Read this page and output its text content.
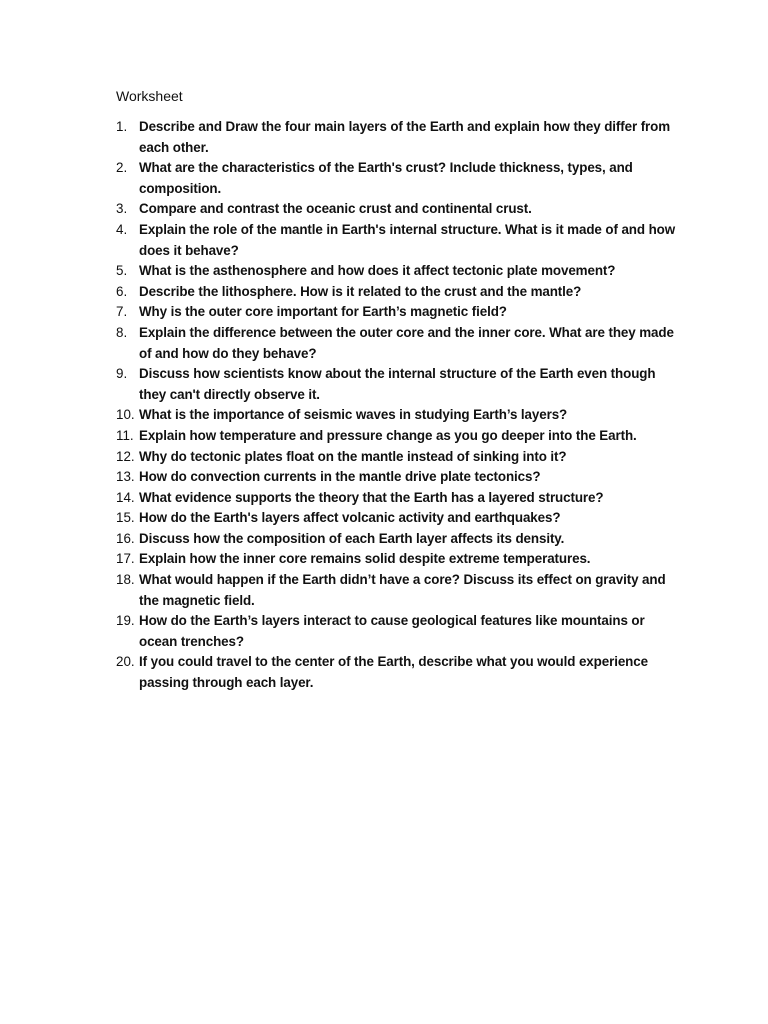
Worksheet
1. Describe and Draw the four main layers of the Earth and explain how they differ from each other.
2. What are the characteristics of the Earth's crust? Include thickness, types, and composition.
3. Compare and contrast the oceanic crust and continental crust.
4. Explain the role of the mantle in Earth's internal structure. What is it made of and how does it behave?
5. What is the asthenosphere and how does it affect tectonic plate movement?
6. Describe the lithosphere. How is it related to the crust and the mantle?
7. Why is the outer core important for Earth’s magnetic field?
8. Explain the difference between the outer core and the inner core. What are they made of and how do they behave?
9. Discuss how scientists know about the internal structure of the Earth even though they can't directly observe it.
10. What is the importance of seismic waves in studying Earth’s layers?
11. Explain how temperature and pressure change as you go deeper into the Earth.
12. Why do tectonic plates float on the mantle instead of sinking into it?
13. How do convection currents in the mantle drive plate tectonics?
14. What evidence supports the theory that the Earth has a layered structure?
15. How do the Earth's layers affect volcanic activity and earthquakes?
16. Discuss how the composition of each Earth layer affects its density.
17. Explain how the inner core remains solid despite extreme temperatures.
18. What would happen if the Earth didn’t have a core? Discuss its effect on gravity and the magnetic field.
19. How do the Earth’s layers interact to cause geological features like mountains or ocean trenches?
20. If you could travel to the center of the Earth, describe what you would experience passing through each layer.
